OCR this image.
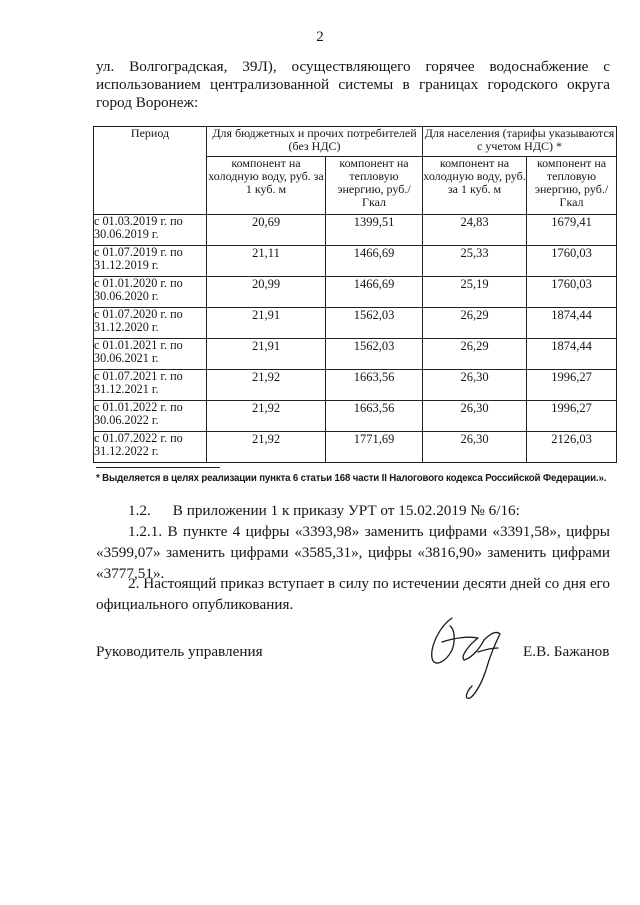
2
ул. Волгоградская, 39Л), осуществляющего горячее водоснабжение с
использованием централизованной системы в границах городского округа
город Воронеж:
Период	Для бюджетных и прочих потребителей (без НДС)		Для населения (тарифы указываются с учетом НДС) *	
	компонент на холодную воду, руб. за 1 куб. м	компонент на тепловую энергию, руб./Гкал	компонент на холодную воду, руб. за 1 куб. м	компонент на тепловую энергию, руб./Гкал
с 01.03.2019 г. по 30.06.2019 г.	20,69	1399,51	24,83	1679,41
с 01.07.2019 г. по 31.12.2019 г.	21,11	1466,69	25,33	1760,03
с 01.01.2020 г. по 30.06.2020 г.	20,99	1466,69	25,19	1760,03
с 01.07.2020 г. по 31.12.2020 г.	21,91	1562,03	26,29	1874,44
с 01.01.2021 г. по 30.06.2021 г.	21,91	1562,03	26,29	1874,44
с 01.07.2021 г. по 31.12.2021 г.	21,92	1663,56	26,30	1996,27
с 01.01.2022 г. по 30.06.2022 г.	21,92	1663,56	26,30	1996,27
с 01.07.2022 г. по 31.12.2022 г.	21,92	1771,69	26,30	2126,03
* Выделяется в целях реализации пункта 6 статьи 168 части II Налогового кодекса Российской Федерации.».
1.2. В приложении 1 к приказу УРТ от 15.02.2019 № 6/16:
1.2.1. В пункте 4 цифры «3393,98» заменить цифрами «3391,58», цифры
«3599,07» заменить цифрами «3585,31», цифры «3816,90» заменить цифрами
«3777,51».
2. Настоящий приказ вступает в силу по истечении десяти дней со дня его
официального опубликования.
Руководитель управления	Е.В. Бажанов
